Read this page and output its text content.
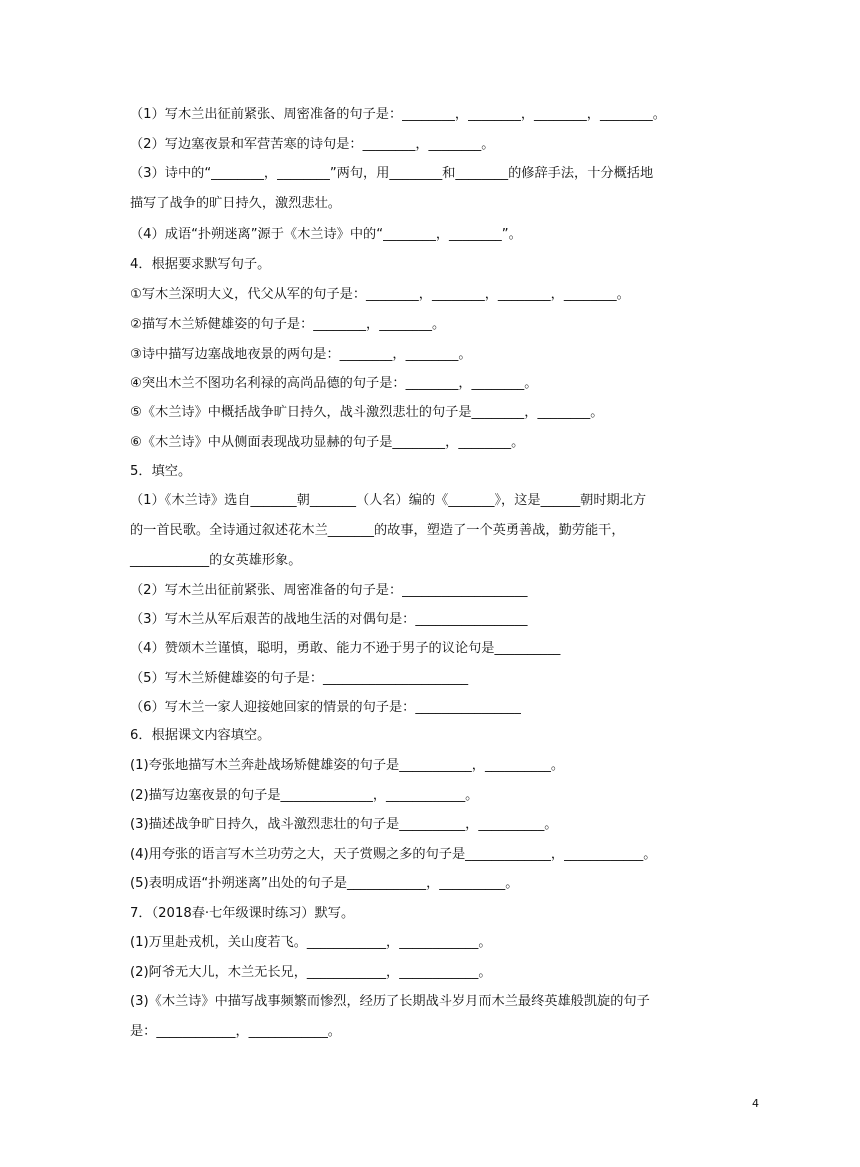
（1）写木兰出征前紧张、周密准备的句子是：________，________，________，________。
（2）写边塞夜景和军营苦寒的诗句是：________，________。
（3）诗中的“________，________”两句，用________和________的修辞手法，十分概括地
描写了战争的旷日持久，激烈悲壮。
（4）成语“扑朔迷离”源于《木兰诗》中的“________，________”。
4．根据要求默写句子。
①写木兰深明大义，代父从军的句子是：________，________，________，________。
②描写木兰矫健雄姿的句子是：________，________。
③诗中描写边塞战地夜景的两句是：________，________。
④突出木兰不图功名利禄的高尚品德的句子是：________，________。
⑤《木兰诗》中概括战争旷日持久，战斗激烈悲壮的句子是________，________。
⑥《木兰诗》中从侧面表现战功显赫的句子是________，________。
5．填空。
（1）《木兰诗》选自_______朝_______（人名）编的《_______》，这是______朝时期北方
的一首民歌。全诗通过叙述花木兰_______的故事，塑造了一个英勇善战，勤劳能干，
____________的女英雄形象。
（2）写木兰出征前紧张、周密准备的句子是：___________________
（3）写木兰从军后艰苦的战地生活的对偶句是：_________________
（4）赞颂木兰谨慎，聪明，勇敢、能力不逊于男子的议论句是__________
（5）写木兰矫健雄姿的句子是：______________________
（6）写木兰一家人迎接她回家的情景的句子是：________________
6．根据课文内容填空。
(1)夸张地描写木兰奔赴战场矫健雄姿的句子是___________，__________。
(2)描写边塞夜景的句子是______________，____________。
(3)描述战争旷日持久，战斗激烈悲壮的句子是__________，__________。
(4)用夸张的语言写木兰功劳之大，天子赏赐之多的句子是_____________，____________。
(5)表明成语“扑朔迷离”出处的句子是____________，__________。
7．（2018春·七年级课时练习）默写。
(1)万里赴戎机，关山度若飞。____________，____________。
(2)阿爷无大儿，木兰无长兄，____________，____________。
(3)《木兰诗》中描写战事频繁而惨烈，经历了长期战斗岁月而木兰最终英雄般凯旋的句子
是：____________，____________。
4
